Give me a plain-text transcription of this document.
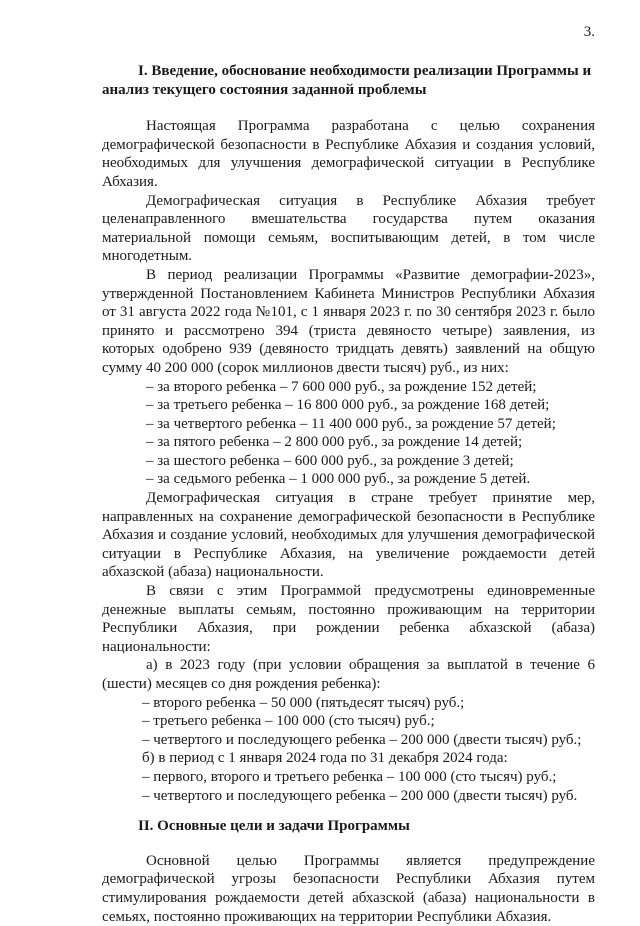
3.
I. Введение, обоснование необходимости реализации Программы и анализ текущего состояния заданной проблемы

Настоящая Программа разработана с целью сохранения демографической безопасности в Республике Абхазия и создания условий, необходимых для улучшения демографической ситуации в Республике Абхазия.

Демографическая ситуация в Республике Абхазия требует целенаправленного вмешательства государства путем оказания материальной помощи семьям, воспитывающим детей, в том числе многодетным.

В период реализации Программы «Развитие демографии-2023», утвержденной Постановлением Кабинета Министров Республики Абхазия от 31 августа 2022 года №101, с 1 января 2023 г. по 30 сентября 2023 г. было принято и рассмотрено 394 (триста девяносто четыре) заявления, из которых одобрено 939 (девяносто тридцать девять) заявлений на общую сумму 40 200 000 (сорок миллионов двести тысяч) руб., из них:

– за второго ребенка – 7 600 000 руб., за рождение 152 детей;

– за третьего ребенка – 16 800 000 руб., за рождение 168 детей;

– за четвертого ребенка – 11 400 000 руб., за рождение 57 детей;

– за пятого ребенка – 2 800 000 руб., за рождение 14 детей;

– за шестого ребенка – 600 000 руб., за рождение 3 детей;

– за седьмого ребенка – 1 000 000 руб., за рождение 5 детей.

Демографическая ситуация в стране требует принятие мер, направленных на сохранение демографической безопасности в Республике Абхазия и создание условий, необходимых для улучшения демографической ситуации в Республике Абхазия, на увеличение рождаемости детей абхазской (абаза) национальности.

В связи с этим Программой предусмотрены единовременные денежные выплаты семьям, постоянно проживающим на территории Республики Абхазия, при рождении ребенка абхазской (абаза) национальности:

а) в 2023 году (при условии обращения за выплатой в течение 6 (шести) месяцев со дня рождения ребенка):

– второго ребенка – 50 000 (пятьдесят тысяч) руб.;

– третьего ребенка – 100 000 (сто тысяч) руб.;

– четвертого и последующего ребенка – 200 000 (двести тысяч) руб.;

б) в период с 1 января 2024 года по 31 декабря 2024 года:

– первого, второго и третьего ребенка – 100 000 (сто тысяч) руб.;

– четвертого и последующего ребенка – 200 000 (двести тысяч) руб.

II. Основные цели и задачи Программы

Основной целью Программы является предупреждение демографической угрозы безопасности Республики Абхазия путем стимулирования рождаемости детей абхазской (абаза) национальности в семьях, постоянно проживающих на территории Республики Абхазия.
